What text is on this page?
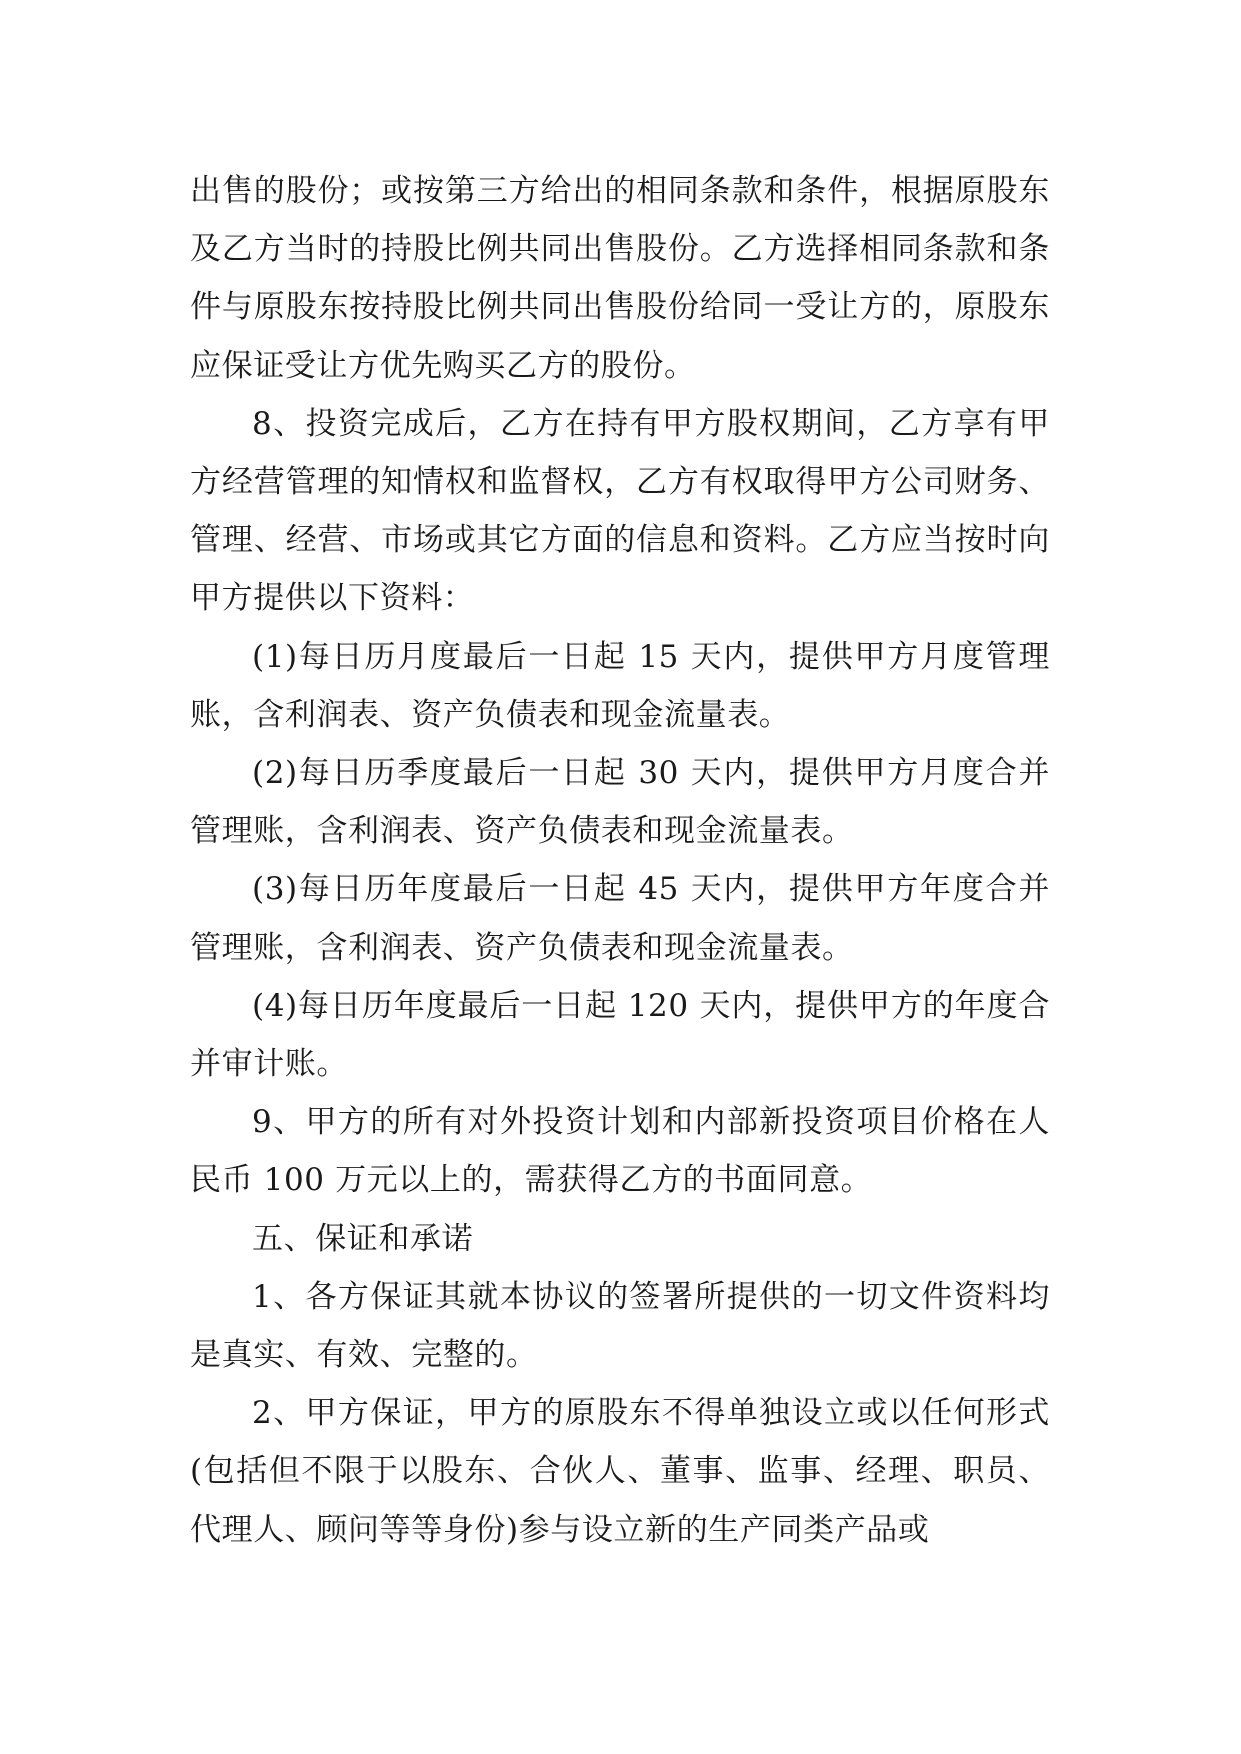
出售的股份；或按第三方给出的相同条款和条件，根据原股东及乙方当时的持股比例共同出售股份。乙方选择相同条款和条件与原股东按持股比例共同出售股份给同一受让方的，原股东应保证受让方优先购买乙方的股份。

8、投资完成后，乙方在持有甲方股权期间，乙方享有甲方经营管理的知情权和监督权，乙方有权取得甲方公司财务、管理、经营、市场或其它方面的信息和资料。乙方应当按时向甲方提供以下资料：

(1)每日历月度最后一日起 15 天内，提供甲方月度管理账，含利润表、资产负债表和现金流量表。

(2)每日历季度最后一日起 30 天内，提供甲方月度合并管理账，含利润表、资产负债表和现金流量表。

(3)每日历年度最后一日起 45 天内，提供甲方年度合并管理账，含利润表、资产负债表和现金流量表。

(4)每日历年度最后一日起 120 天内，提供甲方的年度合并审计账。

9、甲方的所有对外投资计划和内部新投资项目价格在人民币 100 万元以上的，需获得乙方的书面同意。

五、保证和承诺

1、各方保证其就本协议的签署所提供的一切文件资料均是真实、有效、完整的。

2、甲方保证，甲方的原股东不得单独设立或以任何形式(包括但不限于以股东、合伙人、董事、监事、经理、职员、代理人、顾问等等身份)参与设立新的生产同类产品或
